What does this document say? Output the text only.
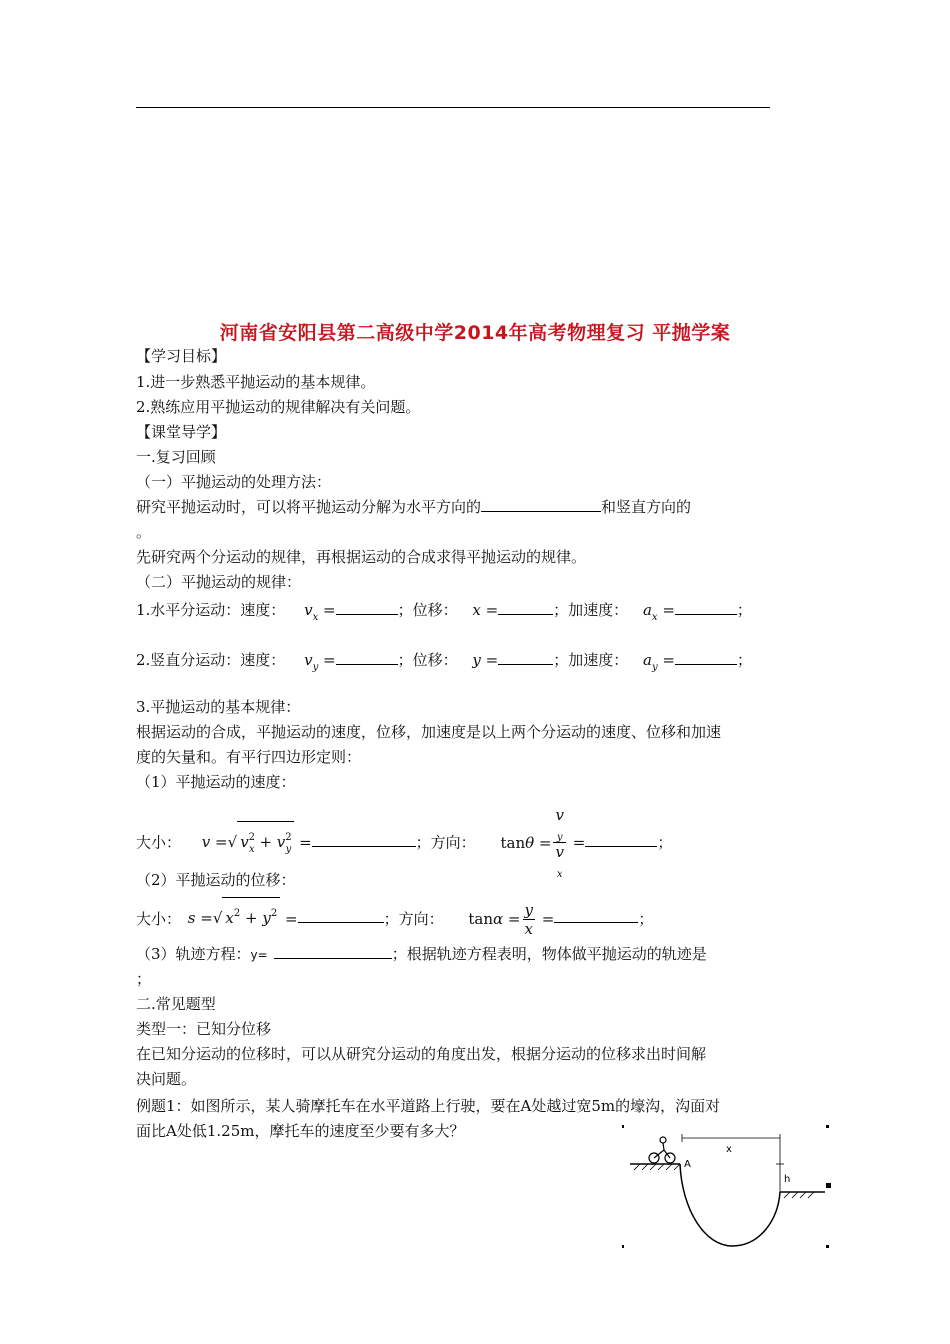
河南省安阳县第二高级中学2014年高考物理复习 平抛学案
【学习目标】
1.进一步熟悉平抛运动的基本规律。
2.熟练应用平抛运动的规律解决有关问题。
【课堂导学】
一.复习回顾
（一）平抛运动的处理方法：
研究平抛运动时，可以将平抛运动分解为水平方向的	和竖直方向的
。
先研究两个分运动的规律，再根据运动的合成求得平抛运动的规律。
（二）平抛运动的规律：
1.水平分运动：速度： $v_x$ =	；位移： x =	；加速度： $a_x$ =	；
2.竖直分运动：速度： $v_y$ =	；位移： y =	；加速度： $a_y$ =	；
3.平抛运动的基本规律：
根据运动的合成，平抛运动的速度，位移，加速度是以上两个分运动的速度、位移和加速
度的矢量和。有平行四边形定则：
（1）平抛运动的速度：
大小： v =√ $v^2_x + v^2_y$ =	；方向： tanθ = v
y
v
x =	；
（2）平抛运动的位移：
大小： s =√ $x^2 + y^2$ =	；方向： $\tan\alpha = \frac{y}{x}$ =	；
（3）轨迹方程：y=	；根据轨迹方程表明，物体做平抛运动的轨迹是
；
二.常见题型
类型一：已知分位移
在已知分运动的位移时，可以从研究分运动的角度出发，根据分运动的位移求出时间解
决问题。
例题1：如图所示，某人骑摩托车在水平道路上行驶，要在A处越过宽5m的壕沟，沟面对
面比A处低1.25m，摩托车的速度至少要有多大？
A
x
h
